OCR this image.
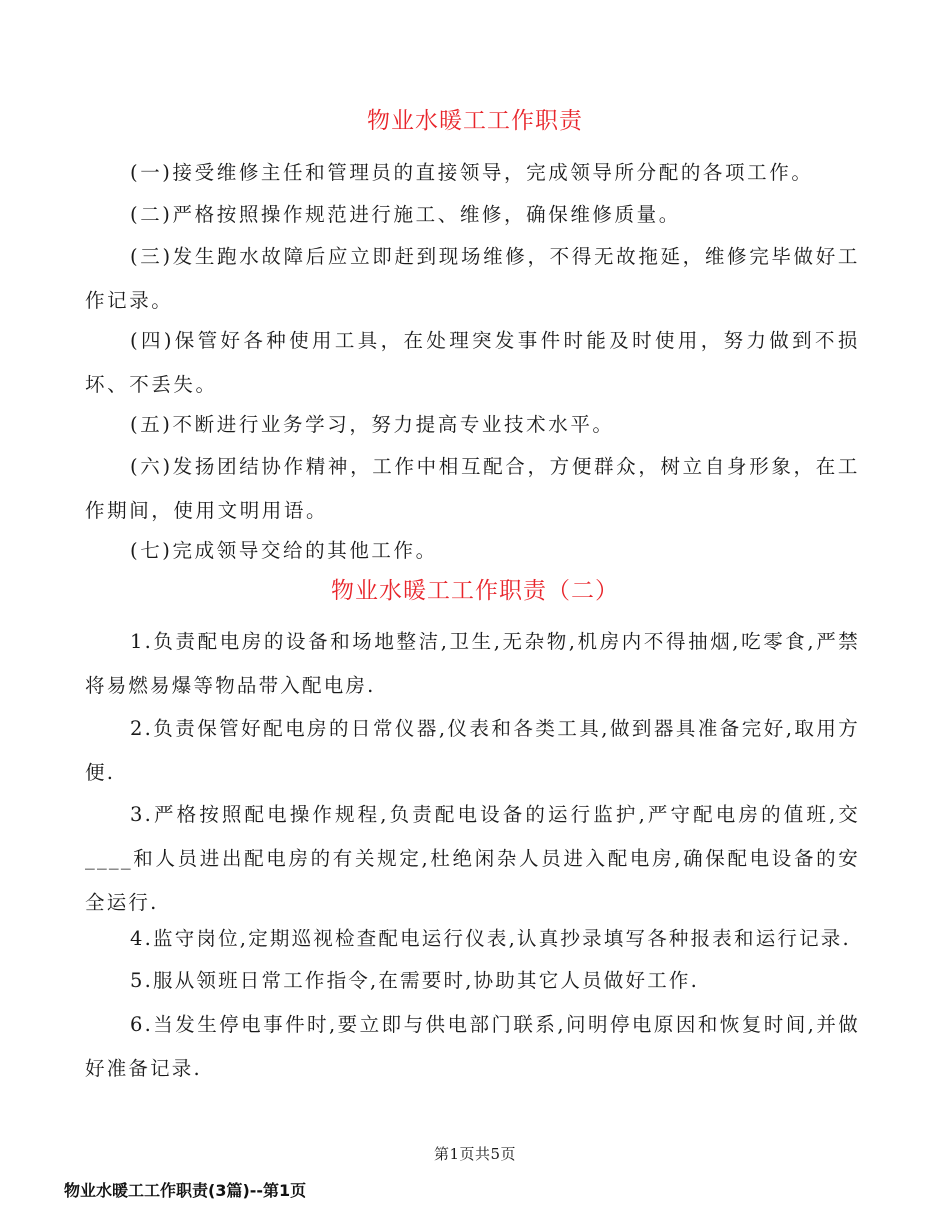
物业水暖工工作职责
(一)接受维修主任和管理员的直接领导，完成领导所分配的各项工作。
(二)严格按照操作规范进行施工、维修，确保维修质量。
(三)发生跑水故障后应立即赶到现场维修，不得无故拖延，维修完毕做好工作记录。
(四)保管好各种使用工具，在处理突发事件时能及时使用，努力做到不损坏、不丢失。
(五)不断进行业务学习，努力提高专业技术水平。
(六)发扬团结协作精神，工作中相互配合，方便群众，树立自身形象，在工作期间，使用文明用语。
(七)完成领导交给的其他工作。
物业水暖工工作职责（二）
1.负责配电房的设备和场地整洁,卫生,无杂物,机房内不得抽烟,吃零食,严禁将易燃易爆等物品带入配电房.
2.负责保管好配电房的日常仪器,仪表和各类工具,做到器具准备完好,取用方便.
3.严格按照配电操作规程,负责配电设备的运行监护,严守配电房的值班,交____和人员进出配电房的有关规定,杜绝闲杂人员进入配电房,确保配电设备的安全运行.
4.监守岗位,定期巡视检查配电运行仪表,认真抄录填写各种报表和运行记录.
5.服从领班日常工作指令,在需要时,协助其它人员做好工作.
6.当发生停电事件时,要立即与供电部门联系,问明停电原因和恢复时间,并做好准备记录.
第1页共5页
物业水暖工工作职责(3篇)--第1页
